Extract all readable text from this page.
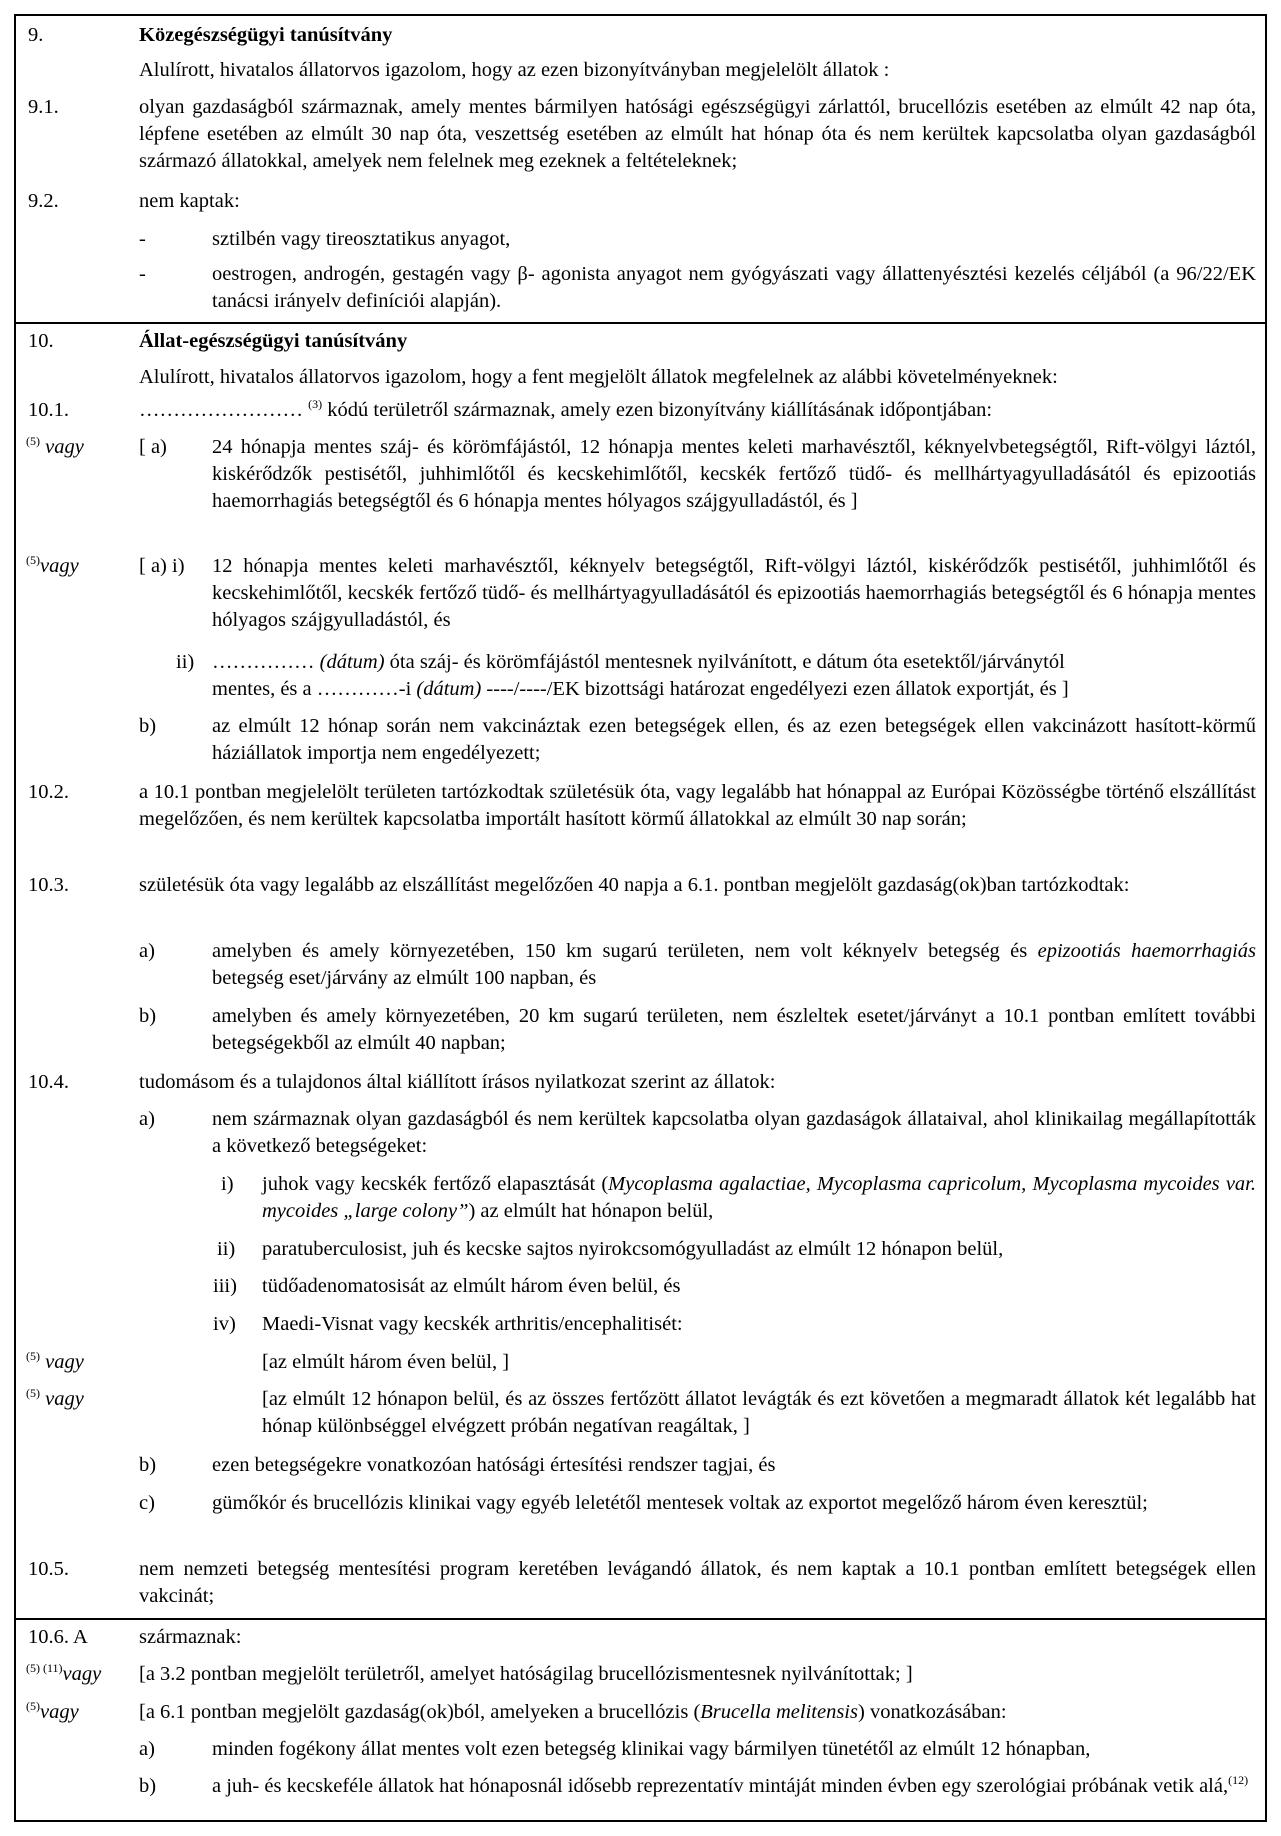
9.	Közegészségügyi tanúsítvány
Alulírott, hivatalos állatorvos igazolom, hogy az ezen bizonyítványban megjelelölt állatok :
9.1.	olyan gazdaságból származnak, amely mentes bármilyen hatósági egészségügyi zárlattól, brucellózis esetében az elmúlt 42 nap óta, lépfene esetében az elmúlt 30 nap óta, veszettség esetében az elmúlt hat hónap óta és nem kerültek kapcsolatba olyan gazdaságból származó állatokkal, amelyek nem felelnek meg ezeknek a feltételeknek;
9.2.	nem kaptak:
-	sztilbén vagy tireosztatikus anyagot,
-	oestrogen, androgén, gestagén vagy β- agonista anyagot nem gyógyászati vagy állattenyésztési kezelés céljából (a 96/22/EK tanácsi irányelv definíciói alapján).
10.	Állat-egészségügyi tanúsítvány
Alulírott, hivatalos állatorvos igazolom, hogy a fent megjelölt állatok megfelelnek az alábbi követelményeknek:
10.1.	…………………… $^{(3)}$ kódú területről származnak, amely ezen bizonyítvány kiállításának időpontjában:
$^{(5)}$ vagy	[ a) 24 hónapja mentes száj- és körömfájástól, 12 hónapja mentes keleti marhavésztől, kéknyelvbetegségtől, Rift-völgyi láztól, kiskérődzők pestisétől, juhhimlőtől és kecskehimlőtől, kecskék fertőző tüdő- és mellhártyagyulladásától és epizootiás haemorrhagiás betegségtől és 6 hónapja mentes hólyagos szájgyulladástól, és ]
$^{(5)}$vagy	[ a) i) 12 hónapja mentes keleti marhavésztől, kéknyelv betegségtől, Rift-völgyi láztól, kiskérődzők pestisétől, juhhimlőtől és kecskehimlőtől, kecskék fertőző tüdő- és mellhártyagyulladásától és epizootiás haemorrhagiás betegségtől és 6 hónapja mentes hólyagos szájgyulladástól, és
ii) …………… (dátum) óta száj- és körömfájástól mentesnek nyilvánított, e dátum óta esetektől/járványtól
mentes, és a …………-i (dátum) ----/----/EK bizottsági határozat engedélyezi ezen állatok exportját, és ]
b)	az elmúlt 12 hónap során nem vakcináztak ezen betegségek ellen, és az ezen betegségek ellen vakcinázott hasított-körmű háziállatok importja nem engedélyezett;
10.2.	a 10.1 pontban megjelelölt területen tartózkodtak születésük óta, vagy legalább hat hónappal az Európai Közösségbe történő elszállítást megelőzően, és nem kerültek kapcsolatba importált hasított körmű állatokkal az elmúlt 30 nap során;
10.3.	születésük óta vagy legalább az elszállítást megelőzően 40 napja a 6.1. pontban megjelölt gazdaság(ok)ban tartózkodtak:
a)	amelyben és amely környezetében, 150 km sugarú területen, nem volt kéknyelv betegség és epizootiás haemorrhagiás betegség eset/járvány az elmúlt 100 napban, és
b)	amelyben és amely környezetében, 20 km sugarú területen, nem észleltek esetet/járványt a 10.1 pontban említett további betegségekből az elmúlt 40 napban;
10.4.	tudomásom és a tulajdonos által kiállított írásos nyilatkozat szerint az állatok:
a)	nem származnak olyan gazdaságból és nem kerültek kapcsolatba olyan gazdaságok állataival, ahol klinikailag megállapították a következő betegségeket:
i) juhok vagy kecskék fertőző elapasztását (Mycoplasma agalactiae, Mycoplasma capricolum, Mycoplasma mycoides var. mycoides „large colony”) az elmúlt hat hónapon belül,
ii) paratuberculosist, juh és kecske sajtos nyirokcsomógyulladást az elmúlt 12 hónapon belül,
iii) tüdőadenomatosisát az elmúlt három éven belül, és
iv) Maedi-Visnat vagy kecskék arthritis/encephalitisét:
$^{(5)}$ vagy	[az elmúlt három éven belül, ]
$^{(5)}$ vagy	[az elmúlt 12 hónapon belül, és az összes fertőzött állatot levágták és ezt követően a megmaradt állatok két legalább hat hónap különbséggel elvégzett próbán negatívan reagáltak, ]
b)	ezen betegségekre vonatkozóan hatósági értesítési rendszer tagjai, és
c)	gümőkór és brucellózis klinikai vagy egyéb leletétől mentesek voltak az exportot megelőző három éven keresztül;
10.5.	nem nemzeti betegség mentesítési program keretében levágandó állatok, és nem kaptak a 10.1 pontban említett betegségek ellen vakcinát;
10.6. A származnak:
$^{(5) (11)}$vagy [a 3.2 pontban megjelölt területről, amelyet hatóságilag brucellózismentesnek nyilvánítottak; ]
$^{(5)}$vagy	[a 6.1 pontban megjelölt gazdaság(ok)ból, amelyeken a brucellózis (Brucella melitensis) vonatkozásában:
a)	minden fogékony állat mentes volt ezen betegség klinikai vagy bármilyen tünetétől az elmúlt 12 hónapban,
b)	a juh- és kecskeféle állatok hat hónaposnál idősebb reprezentatív mintáját minden évben egy szerológiai próbának vetik alá,$^{(12)}$
